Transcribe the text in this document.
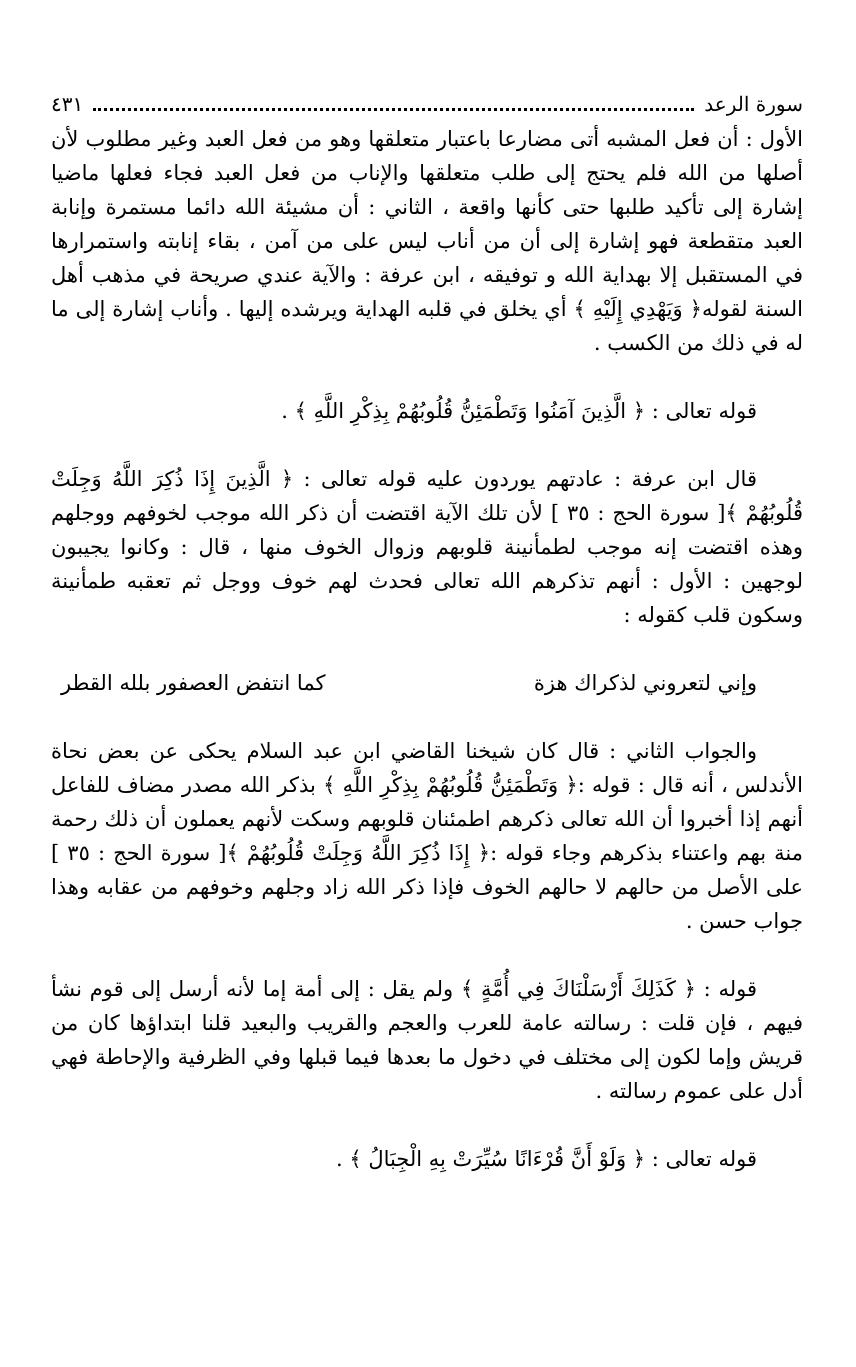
سورة الرعد
٤٣١

الأول : أن فعل المشبه أتى مضارعا باعتبار متعلقها وهو من فعل العبد وغير مطلوب لأن أصلها من الله فلم يحتج إلى طلب متعلقها والإناب من فعل العبد فجاء فعلها ماضيا إشارة إلى تأكيد طلبها حتى كأنها واقعة ، الثاني : أن مشيئة الله دائما مستمرة وإنابة العبد متقطعة فهو إشارة إلى أن من أناب ليس على من آمن ، بقاء إنابته واستمرارها في المستقبل إلا بهداية الله و توفيقه ، ابن عرفة : والآية عندي صريحة في مذهب أهل السنة لقوله﴿ وَيَهْدِي إِلَيْهِ ﴾ أي يخلق في قلبه الهداية ويرشده إليها . وأناب إشارة إلى ما له في ذلك من الكسب .

قوله تعالى : ﴿ الَّذِينَ آمَنُوا وَتَطْمَئِنُّ قُلُوبُهُمْ بِذِكْرِ اللَّهِ ﴾ .

قال ابن عرفة : عادتهم يوردون عليه قوله تعالى : ﴿ الَّذِينَ إِذَا ذُكِرَ اللَّهُ وَجِلَتْ قُلُوبُهُمْ ﴾[ سورة الحج : ٣٥ ] لأن تلك الآية اقتضت أن ذكر الله موجب لخوفهم ووجلهم وهذه اقتضت إنه موجب لطمأنينة قلوبهم وزوال الخوف منها ، قال : وكانوا يجيبون لوجهين : الأول : أنهم تذكرهم الله تعالى فحدث لهم خوف ووجل ثم تعقبه طمأنينة وسكون قلب كقوله :

وإني لتعروني لذكراك هزة
كما انتفض العصفور بلله القطر

والجواب الثاني : قال كان شيخنا القاضي ابن عبد السلام يحكى عن بعض نحاة الأندلس ، أنه قال : قوله :﴿ وَتَطْمَئِنُّ قُلُوبُهُمْ بِذِكْرِ اللَّهِ ﴾ بذكر الله مصدر مضاف للفاعل أنهم إذا أخبروا أن الله تعالى ذكرهم اطمئنان قلوبهم وسكت لأنهم يعملون أن ذلك رحمة منة بهم واعتناء بذكرهم وجاء قوله :﴿ إِذَا ذُكِرَ اللَّهُ وَجِلَتْ قُلُوبُهُمْ ﴾[ سورة الحج : ٣٥ ] على الأصل من حالهم لا حالهم الخوف فإذا ذكر الله زاد وجلهم وخوفهم من عقابه وهذا جواب حسن .

قوله : ﴿ كَذَلِكَ أَرْسَلْنَاكَ فِي أُمَّةٍ ﴾ ولم يقل : إلى أمة إما لأنه أرسل إلى قوم نشأ فيهم ، فإن قلت : رسالته عامة للعرب والعجم والقريب والبعيد قلنا ابتداؤها كان من قريش وإما لكون إلى مختلف في دخول ما بعدها فيما قبلها وفي الظرفية والإحاطة فهي أدل على عموم رسالته .

قوله تعالى : ﴿ وَلَوْ أَنَّ قُرْءَانًا سُيِّرَتْ بِهِ الْجِبَالُ ﴾ .
